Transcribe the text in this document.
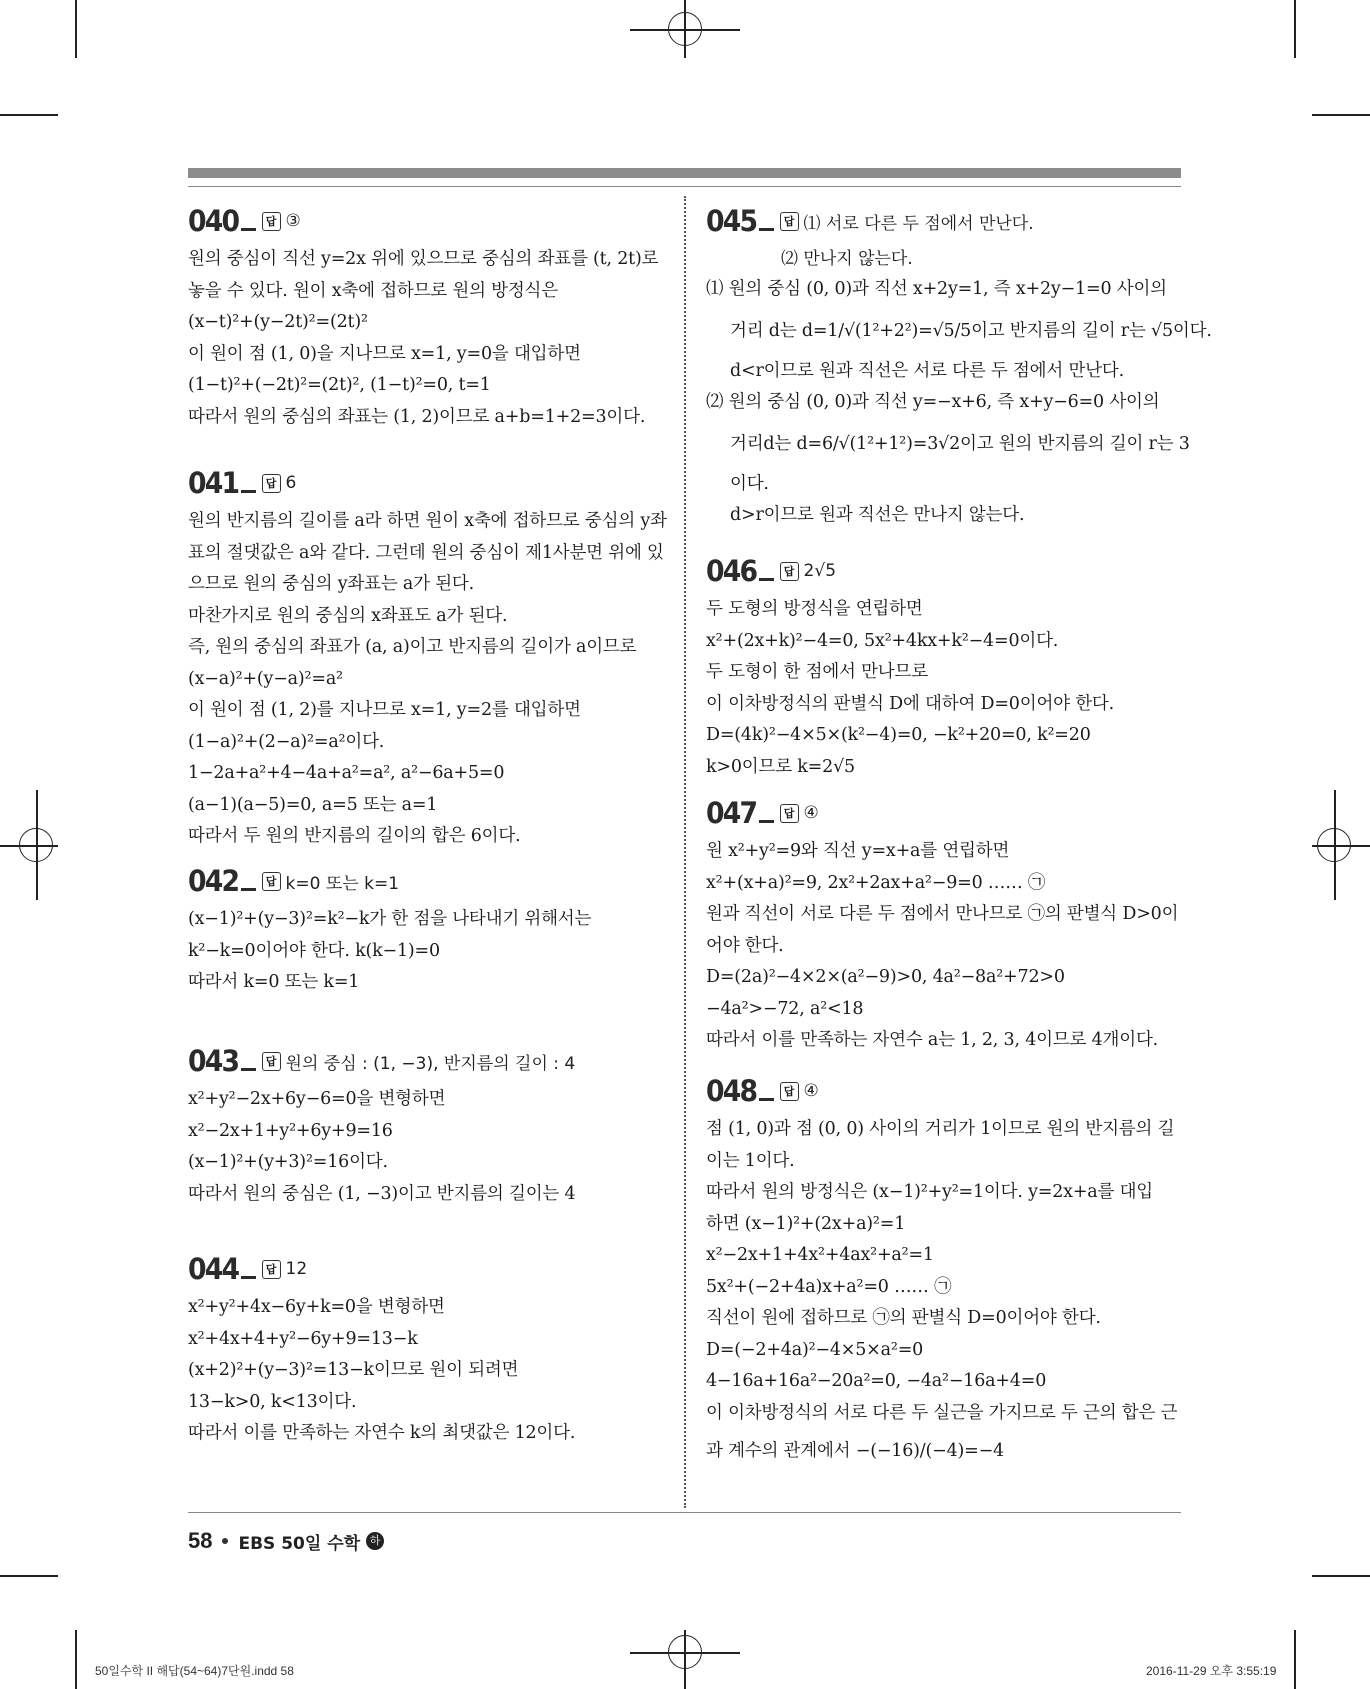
040	답 ③
원의 중심이 직선 y=2x 위에 있으므로 중심의 좌표를 (t, 2t)로
놓을 수 있다. 원이 x축에 접하므로 원의 방정식은
(x−t)²+(y−2t)²=(2t)²
이 원이 점 (1, 0)을 지나므로 x=1, y=0을 대입하면
(1−t)²+(−2t)²=(2t)², (1−t)²=0, t=1
따라서 원의 중심의 좌표는 (1, 2)이므로 a+b=1+2=3이다.
041	답 6
원의 반지름의 길이를 a라 하면 원이 x축에 접하므로 중심의 y좌
표의 절댓값은 a와 같다. 그런데 원의 중심이 제1사분면 위에 있
으므로 원의 중심의 y좌표는 a가 된다.
마찬가지로 원의 중심의 x좌표도 a가 된다.
즉, 원의 중심의 좌표가 (a, a)이고 반지름의 길이가 a이므로
(x−a)²+(y−a)²=a²
이 원이 점 (1, 2)를 지나므로 x=1, y=2를 대입하면
(1−a)²+(2−a)²=a²이다.
1−2a+a²+4−4a+a²=a², a²−6a+5=0
(a−1)(a−5)=0, a=5 또는 a=1
따라서 두 원의 반지름의 길이의 합은 6이다.
042	답 k=0 또는 k=1
(x−1)²+(y−3)²=k²−k가 한 점을 나타내기 위해서는
k²−k=0이어야 한다. k(k−1)=0
따라서 k=0 또는 k=1
043	답 원의 중심 : (1, −3), 반지름의 길이 : 4
x²+y²−2x+6y−6=0을 변형하면
x²−2x+1+y²+6y+9=16
(x−1)²+(y+3)²=16이다.
따라서 원의 중심은 (1, −3)이고 반지름의 길이는 4
044	답 12
x²+y²+4x−6y+k=0을 변형하면
x²+4x+4+y²−6y+9=13−k
(x+2)²+(y−3)²=13−k이므로 원이 되려면
13−k>0, k<13이다.
따라서 이를 만족하는 자연수 k의 최댓값은 12이다.
045	답 ⑴ 서로 다른 두 점에서 만난다.
⑵ 만나지 않는다.
⑴ 원의 중심 (0, 0)과 직선 x+2y=1, 즉 x+2y−1=0 사이의
거리 d는 d=1/√(1²+2²)=√5/5이고 반지름의 길이 r는 √5이다.
d<r이므로 원과 직선은 서로 다른 두 점에서 만난다.
⑵ 원의 중심 (0, 0)과 직선 y=−x+6, 즉 x+y−6=0 사이의
거리d는 d=6/√(1²+1²)=3√2이고 원의 반지름의 길이 r는 3
이다.
d>r이므로 원과 직선은 만나지 않는다.
046	답 2√5
두 도형의 방정식을 연립하면
x²+(2x+k)²−4=0, 5x²+4kx+k²−4=0이다.
두 도형이 한 점에서 만나므로
이 이차방정식의 판별식 D에 대하여 D=0이어야 한다.
D=(4k)²−4×5×(k²−4)=0, −k²+20=0, k²=20
k>0이므로 k=2√5
047	답 ④
원 x²+y²=9와 직선 y=x+a를 연립하면
x²+(x+a)²=9, 2x²+2ax+a²−9=0 …… ㉠
원과 직선이 서로 다른 두 점에서 만나므로 ㉠의 판별식 D>0이
어야 한다.
D=(2a)²−4×2×(a²−9)>0, 4a²−8a²+72>0
−4a²>−72, a²<18
따라서 이를 만족하는 자연수 a는 1, 2, 3, 4이므로 4개이다.
048	답 ④
점 (1, 0)과 점 (0, 0) 사이의 거리가 1이므로 원의 반지름의 길
이는 1이다.
따라서 원의 방정식은 (x−1)²+y²=1이다. y=2x+a를 대입
하면 (x−1)²+(2x+a)²=1
x²−2x+1+4x²+4ax²+a²=1
5x²+(−2+4a)x+a²=0 …… ㉠
직선이 원에 접하므로 ㉠의 판별식 D=0이어야 한다.
D=(−2+4a)²−4×5×a²=0
4−16a+16a²−20a²=0, −4a²−16a+4=0
이 이차방정식의 서로 다른 두 실근을 가지므로 두 근의 합은 근
과 계수의 관계에서 −(−16)/(−4)=−4
58 EBS 50일 수학 하
50일수학 II 해답(54~64)7단원.indd 58	2016-11-29 오후 3:55:19
